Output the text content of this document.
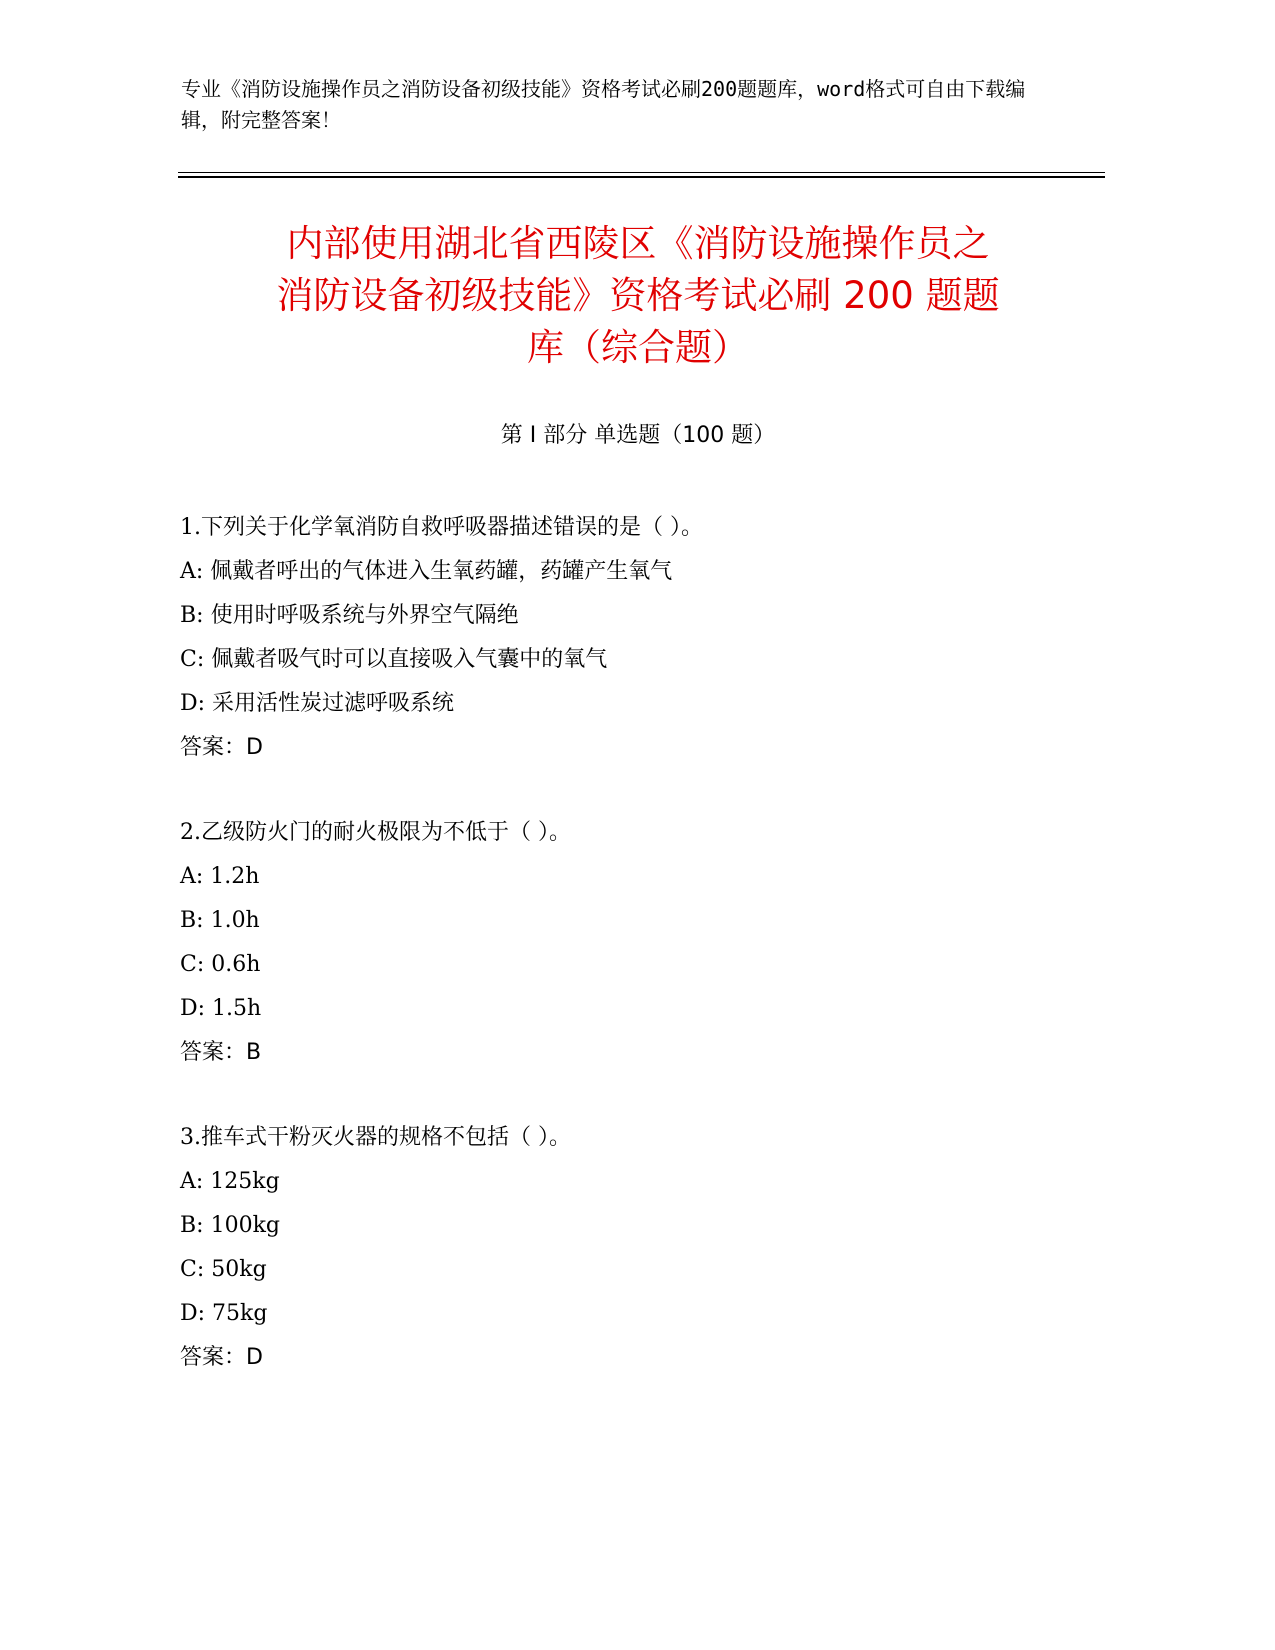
专业《消防设施操作员之消防设备初级技能》资格考试必刷200题题库，word格式可自由下载编辑，附完整答案！
内部使用湖北省西陵区《消防设施操作员之
消防设备初级技能》资格考试必刷 200 题题
库（综合题）
第 I 部分 单选题（100 题）
1.下列关于化学氧消防自救呼吸器描述错误的是（ ）。
A: 佩戴者呼出的气体进入生氧药罐，药罐产生氧气
B: 使用时呼吸系统与外界空气隔绝
C: 佩戴者吸气时可以直接吸入气囊中的氧气
D: 采用活性炭过滤呼吸系统
答案：D
2.乙级防火门的耐火极限为不低于（ ）。
A: 1.2h
B: 1.0h
C: 0.6h
D: 1.5h
答案：B
3.推车式干粉灭火器的规格不包括（ ）。
A: 125kg
B: 100kg
C: 50kg
D: 75kg
答案：D
